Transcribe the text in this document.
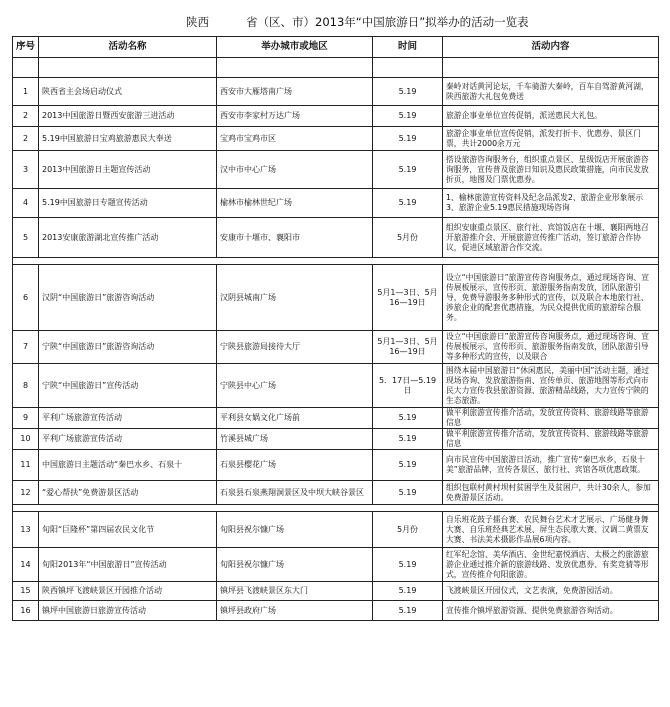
陕西	省（区、市）2013年“中国旅游日”拟举办的活动一览表
序号	活动名称	举办城市或地区	时间	活动内容

1	陕西省主会场启动仪式	西安市大雁塔南广场	5.19	秦岭对话黄河论坛，千车骑游大秦岭，百车自驾游黄河湖，陕西旅游大礼包免费送
2	2013中国旅游日暨西安旅游三进活动	西安市李家村万达广场	5.19	旅游企事业单位宣传促销，派送惠民大礼包。
2	5.19中国旅游日宝鸡旅游惠民大奉送	宝鸡市宝鸡市区	5.19	旅游企事业单位宣传促销，派发打折卡、优惠券、景区门票，共计2000余万元
3	2013中国旅游日主题宣传活动	汉中市中心广场	5.19	搭设旅游咨询服务台，组织重点景区、星级饭店开展旅游咨询服务，宣传普及旅游日知识及惠民政策措施，向市民发放折页，地图及门票优惠券。
4	5.19中国旅游日专题宣传活动	榆林市榆林世纪广场	5.19	1、榆林旅游宣传资料及纪念品派发2、旅游企业形象展示3、旅游企业5.19惠民措施现场咨询
5	2013安康旅游湖北宣传推广活动	安康市十堰市、襄阳市	5月份	组织安康重点景区、旅行社、宾馆饭店在十堰、襄阳两地召开旅游推介会、开展旅游宣传推广活动，签订旅游合作协议，促进区域旅游合作交流。

6	汉阴“中国旅游日”旅游咨询活动	汉阴县城南广场	5月1—3日、5月16—19日	设立“中国旅游日”旅游宣传咨询服务点，通过现场咨询、宣传展板展示，宣传形页、旅游服务指南发放，团队旅游引导，免费导游服务多种形式的宣传，以及联合本地旅行社、涉旅企业的配套优惠措施，为民众提供优质的旅游综合服务。
7	宁陕“中国旅游日”旅游咨询活动	宁陕县旅游局接待大厅	5月1—3日、5月16—19日	设立“中国旅游日”旅游宣传咨询服务点，通过现场咨询、宣传展板展示，宣传形页、旅游服务指南发放，团队旅游引导等多种形式的宣传，以及联合
8	宁陕“中国旅游日”宣传活动	宁陕县中心广场	5．17日—5.19日	围绕本届中国旅游日“休闲惠民，美丽中国”活动主题，通过现场咨询、发放旅游指南、宣传单页、旅游地图等形式向市民大力宣传我县旅游资源、旅游精品线路，大力宣传宁陕的生态旅游。
9	平利广场旅游宣传活动	平利县女娲文化广场前	5.19	做平利旅游宣传推介活动，发放宣传资料、旅游线路等旅游信息
10	平利广场旅游宣传活动	竹溪县城广场	5.19	做平利旅游宣传推介活动，发放宣传资料、旅游线路等旅游信息
11	中国旅游日主题活动“秦巴水乡、石泉十	石泉县樱花广场	5.19	向市民宣传中国旅游日活动，推广宣传“秦巴水乡，石泉十美”旅游品牌，宣传各景区、旅行社、宾馆各项优惠政策。
12	“爱心帮扶”免费游景区活动	石泉县石泉燕翔洞景区及中坝大峡谷景区	5.19	组织包联村黄村坝村贫困学生及贫困户，共计30余人，参加免费游景区活动。

13	旬阳“巨隆杯”第四届农民文化节	旬阳县祝尔慷广场	5月份	自乐班花鼓子擂台赛、农民舞台艺术才艺展示、广场健身舞大赛、自乐班经典艺术展、屏生态民歌大赛、汉调二黄票友大赛、书法美术摄影作品展6项内容。
14	旬阳2013年“中国旅游日”宣传活动	旬阳县祝尔慷广场	5.19	红军纪念馆、美华酒店、金世纪嘉悦酒店、太极之约旅游旅游企业通过推介新的旅游线路、发放优惠券、有奖竞猜等形式，宣传推介旬阳旅游。
15	陕西镇坪飞渡峡景区开园推介活动	镇坪县飞渡峡景区东大门	5.19	飞渡峡景区开园仪式，文艺表演，免费游园活动。
16	镇坪中国旅游日旅游宣传活动	镇坪县政府广场	5.19	宣传推介镇坪旅游资源、提供免费旅游咨询活动。
